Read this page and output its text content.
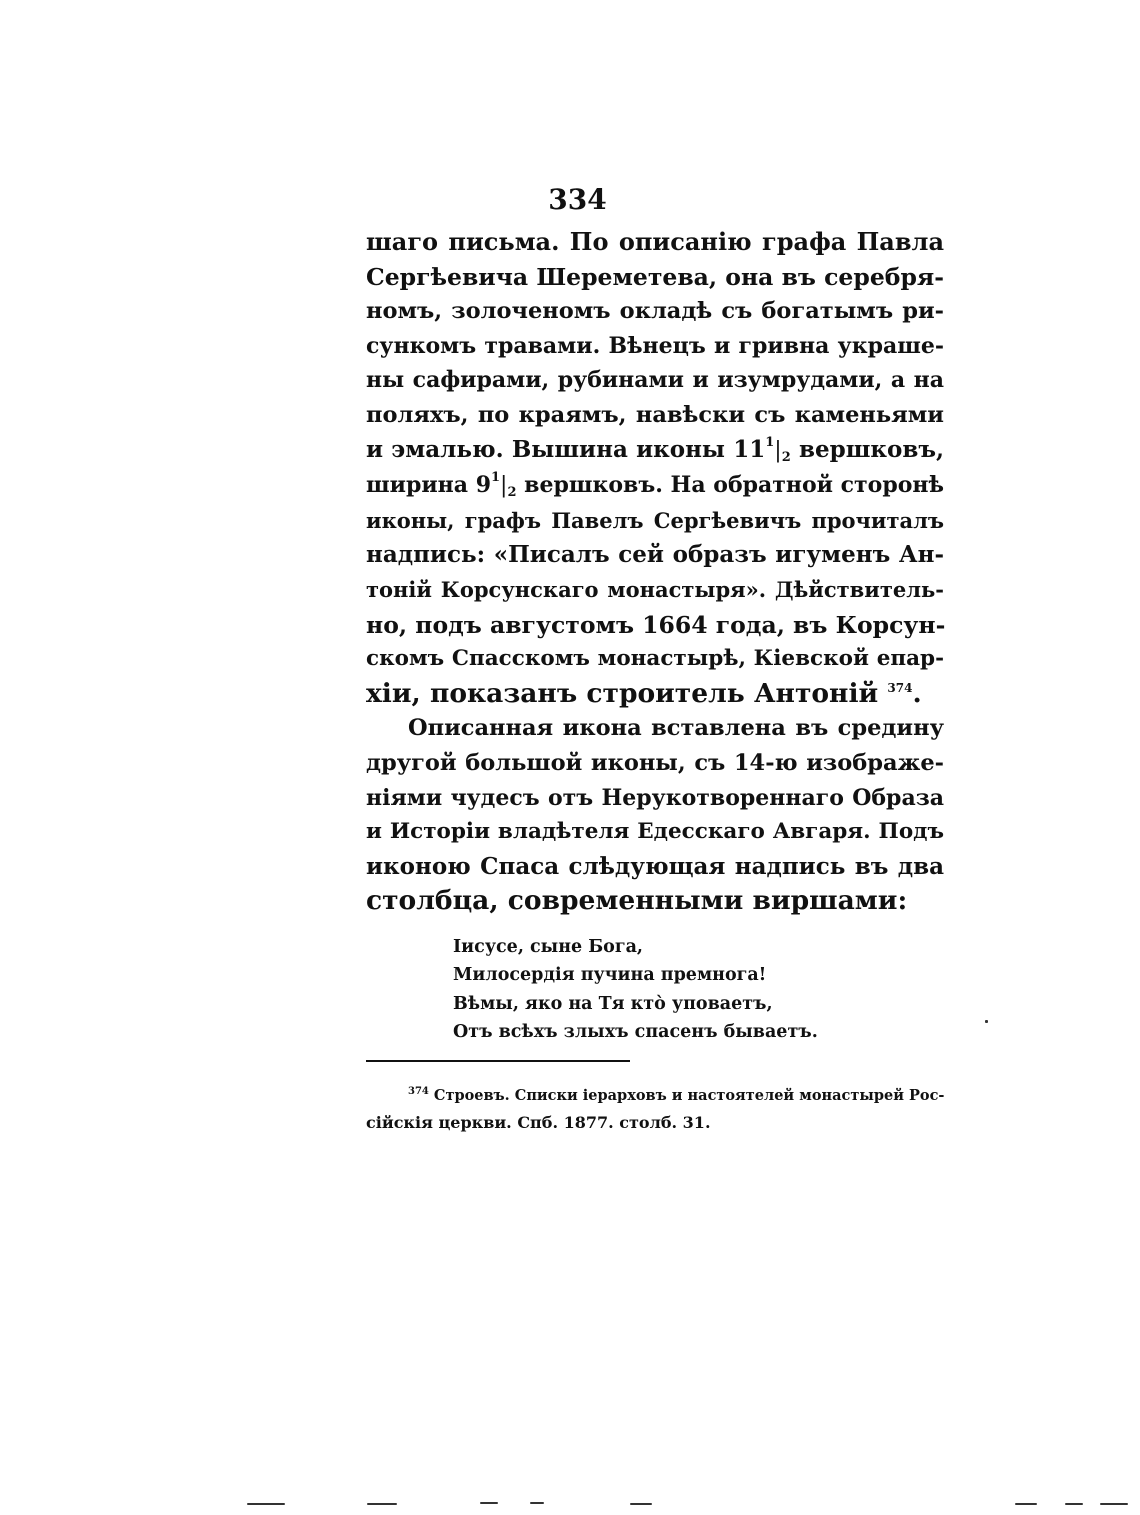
334
шаго письма. По описанію графа Павла
Сергѣевича Шереметева, она въ серебря-
номъ, золоченомъ окладѣ съ богатымъ ри-
сункомъ травами. Вѣнецъ и гривна украше-
ны сафирами, рубинами и изумрудами, а на
поляхъ, по краямъ, навѣски съ каменьями
и эмалью. Вышина иконы $11^1|2$ вершковъ,
ширина $9^1|2$ вершковъ. На обратной сторонѣ
иконы, графъ Павелъ Сергѣевичъ прочиталъ
надпись: «Писалъ сей образъ игуменъ Ан-
тоній Корсунскаго монастыря». Дѣйствитель-
но, подъ августомъ 1664 года, въ Корсун-
скомъ Спасскомъ монастырѣ, Кіевской епар-
хіи, показанъ строитель Антоній $^{374}$.
Описанная икона вставлена въ средину
другой большой иконы, съ 14-ю изображе-
ніями чудесъ отъ Нерукотвореннаго Образа
и Исторіи владѣтеля Едесскаго Авгаря. Подъ
иконою Спаса слѣдующая надпись въ два
столбца, современными виршами:
Іисусе, сыне Бога,
Милосердія пучина премнога!
Вѣмы, яко на Тя ктò уповаетъ,
Отъ всѣхъ злыхъ спасенъ бываетъ.
$^{374}$ Строевъ. Списки іерарховъ и настоятелей монастырей Рос-
сійскія церкви. Спб. 1877. столб. 31.
